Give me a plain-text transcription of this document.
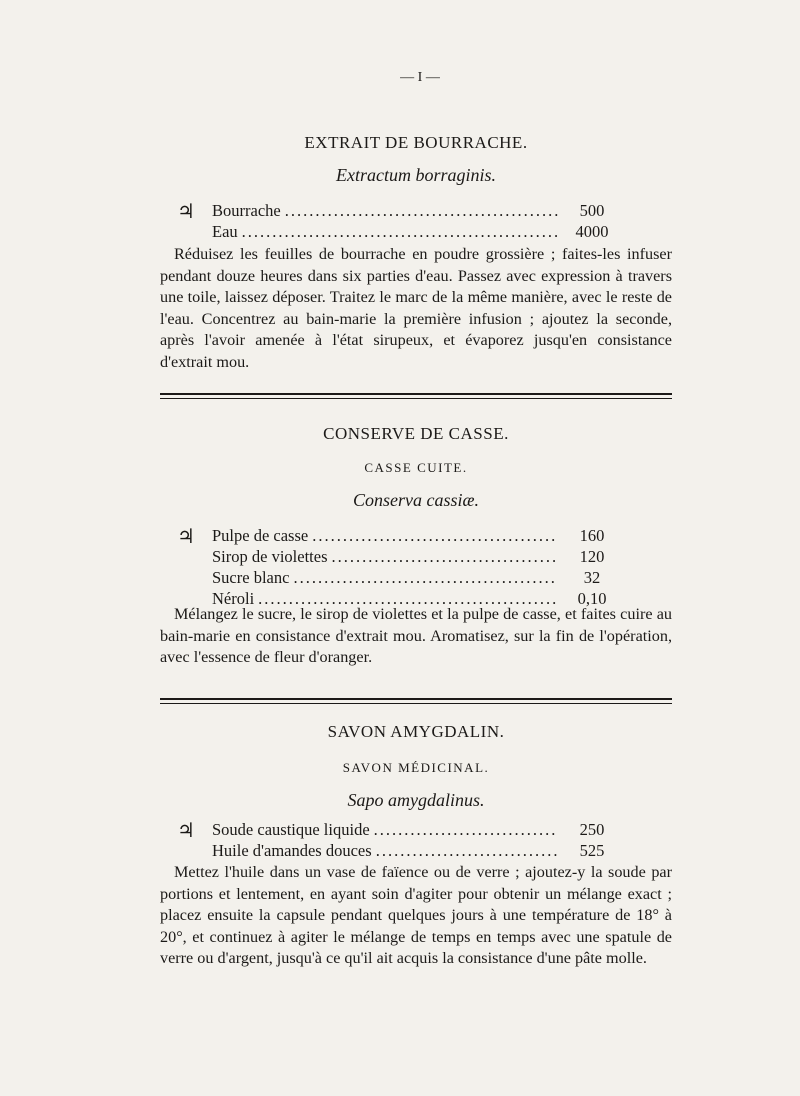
— I —
EXTRAIT DE BOURRACHE.
Extractum borraginis.
♃ Bourrache .....	500
Eau .....	4000
Réduisez les feuilles de bourrache en poudre grossière ; faites-les infuser pendant douze heures dans six parties d'eau. Passez avec expression à travers une toile, laissez déposer. Traitez le marc de la même manière, avec le reste de l'eau. Concentrez au bain-marie la première infusion ; ajoutez la seconde, après l'avoir amenée à l'état sirupeux, et évaporez jusqu'en consistance d'extrait mou.
CONSERVE DE CASSE.
CASSE CUITE.
Conserva cassiæ.
♃ Pulpe de casse .....	160
Sirop de violettes .....	120
Sucre blanc .....	32
Néroli .....	0,10
Mélangez le sucre, le sirop de violettes et la pulpe de casse, et faites cuire au bain-marie en consistance d'extrait mou. Aromatisez, sur la fin de l'opération, avec l'essence de fleur d'oranger.
SAVON AMYGDALIN.
SAVON MÉDICINAL.
Sapo amygdalinus.
♃ Soude caustique liquide .....	250
Huile d'amandes douces .....	525
Mettez l'huile dans un vase de faïence ou de verre ; ajoutez-y la soude par portions et lentement, en ayant soin d'agiter pour obtenir un mélange exact ; placez ensuite la capsule pendant quelques jours à une température de 18° à 20°, et continuez à agiter le mélange de temps en temps avec une spatule de verre ou d'argent, jusqu'à ce qu'il ait acquis la consistance d'une pâte molle.
